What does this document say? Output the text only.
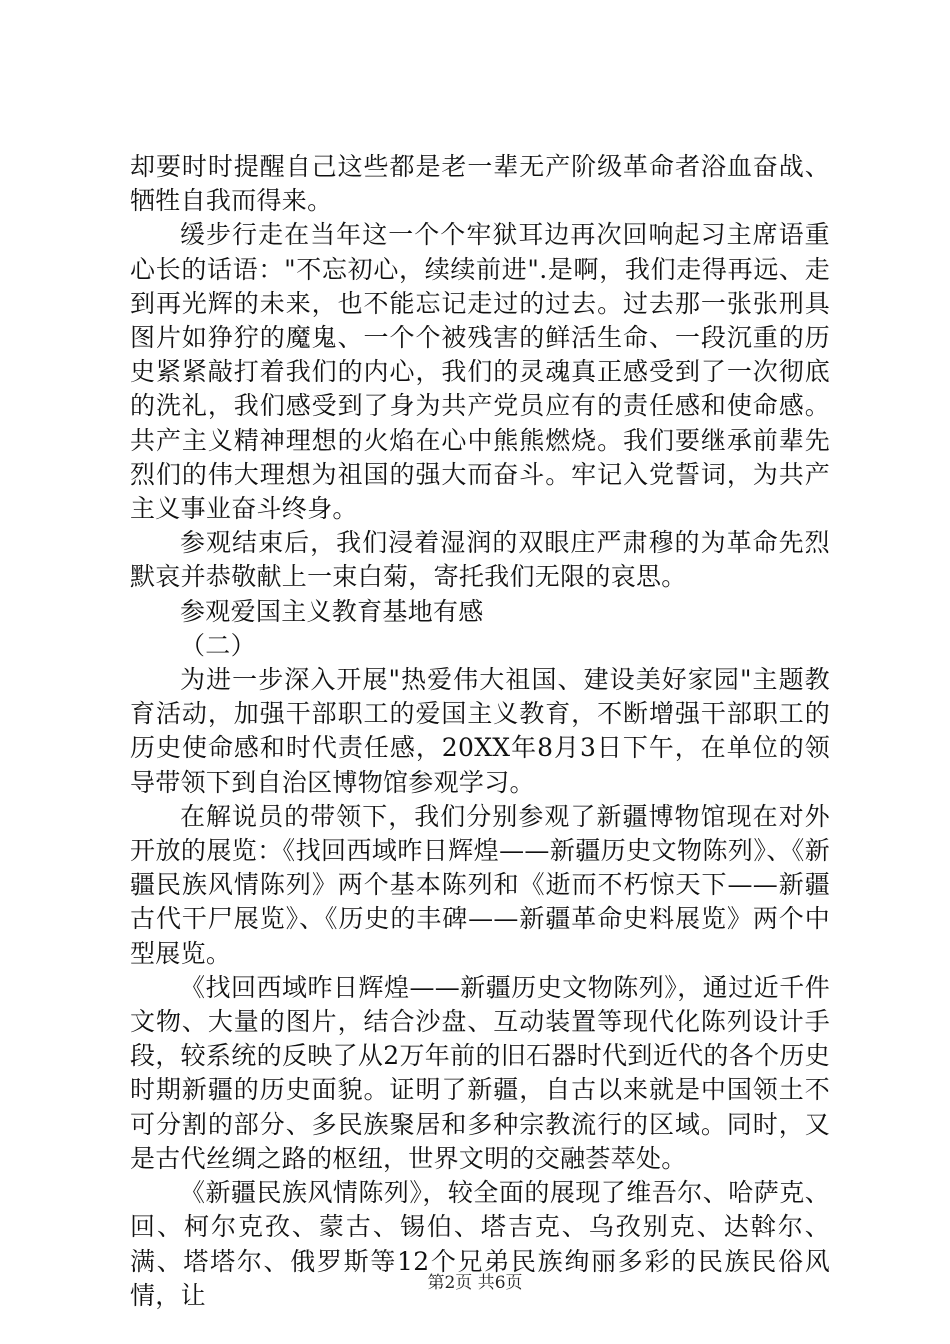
却要时时提醒自己这些都是老一辈无产阶级革命者浴血奋战、牺牲自我而得来。

缓步行走在当年这一个个牢狱耳边再次回响起习主席语重心长的话语："不忘初心，续续前进".是啊，我们走得再远、走到再光辉的未来，也不能忘记走过的过去。过去那一张张刑具图片如狰狞的魔鬼、一个个被残害的鲜活生命、一段沉重的历史紧紧敲打着我们的内心，我们的灵魂真正感受到了一次彻底的洗礼，我们感受到了身为共产党员应有的责任感和使命感。共产主义精神理想的火焰在心中熊熊燃烧。我们要继承前辈先烈们的伟大理想为祖国的强大而奋斗。牢记入党誓词，为共产主义事业奋斗终身。

参观结束后，我们浸着湿润的双眼庄严肃穆的为革命先烈默哀并恭敬献上一束白菊，寄托我们无限的哀思。

参观爱国主义教育基地有感

（二）

为进一步深入开展"热爱伟大祖国、建设美好家园"主题教育活动，加强干部职工的爱国主义教育，不断增强干部职工的历史使命感和时代责任感，20XX年8月3日下午，在单位的领导带领下到自治区博物馆参观学习。

在解说员的带领下，我们分别参观了新疆博物馆现在对外开放的展览：《找回西域昨日辉煌——新疆历史文物陈列》、《新疆民族风情陈列》两个基本陈列和《逝而不朽惊天下——新疆古代干尸展览》、《历史的丰碑——新疆革命史料展览》两个中型展览。

《找回西域昨日辉煌——新疆历史文物陈列》，通过近千件文物、大量的图片，结合沙盘、互动装置等现代化陈列设计手段，较系统的反映了从2万年前的旧石器时代到近代的各个历史时期新疆的历史面貌。证明了新疆，自古以来就是中国领土不可分割的部分、多民族聚居和多种宗教流行的区域。同时，又是古代丝绸之路的枢纽，世界文明的交融荟萃处。

《新疆民族风情陈列》，较全面的展现了维吾尔、哈萨克、回、柯尔克孜、蒙古、锡伯、塔吉克、乌孜别克、达斡尔、满、塔塔尔、俄罗斯等12个兄弟民族绚丽多彩的民族民俗风情，让	第2页 共6页
